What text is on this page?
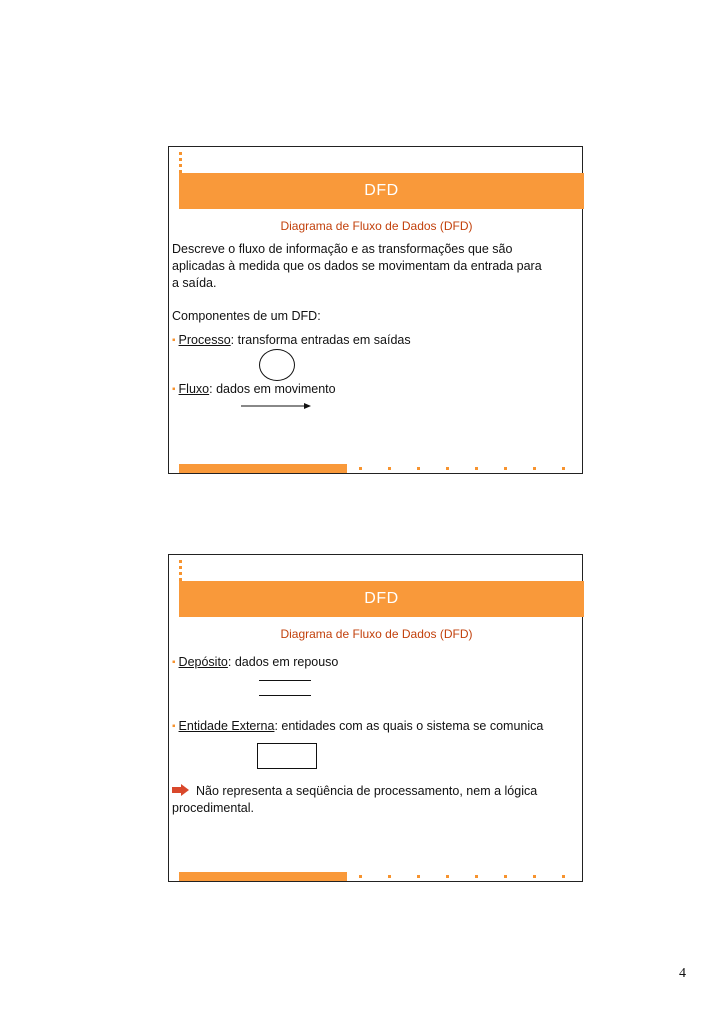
DFD
Diagrama de Fluxo de Dados (DFD)
Descreve o fluxo de informação e as transformações que são
aplicadas à medida que os dados se movimentam da entrada para
a saída.
Componentes de um DFD:
▪ Processo: transforma entradas em saídas
▪ Fluxo: dados em movimento
DFD
Diagrama de Fluxo de Dados (DFD)
▪ Depósito: dados em repouso
▪ Entidade Externa: entidades com as quais o sistema se comunica
Não representa a seqüência de processamento, nem a lógica
procedimental.
4
